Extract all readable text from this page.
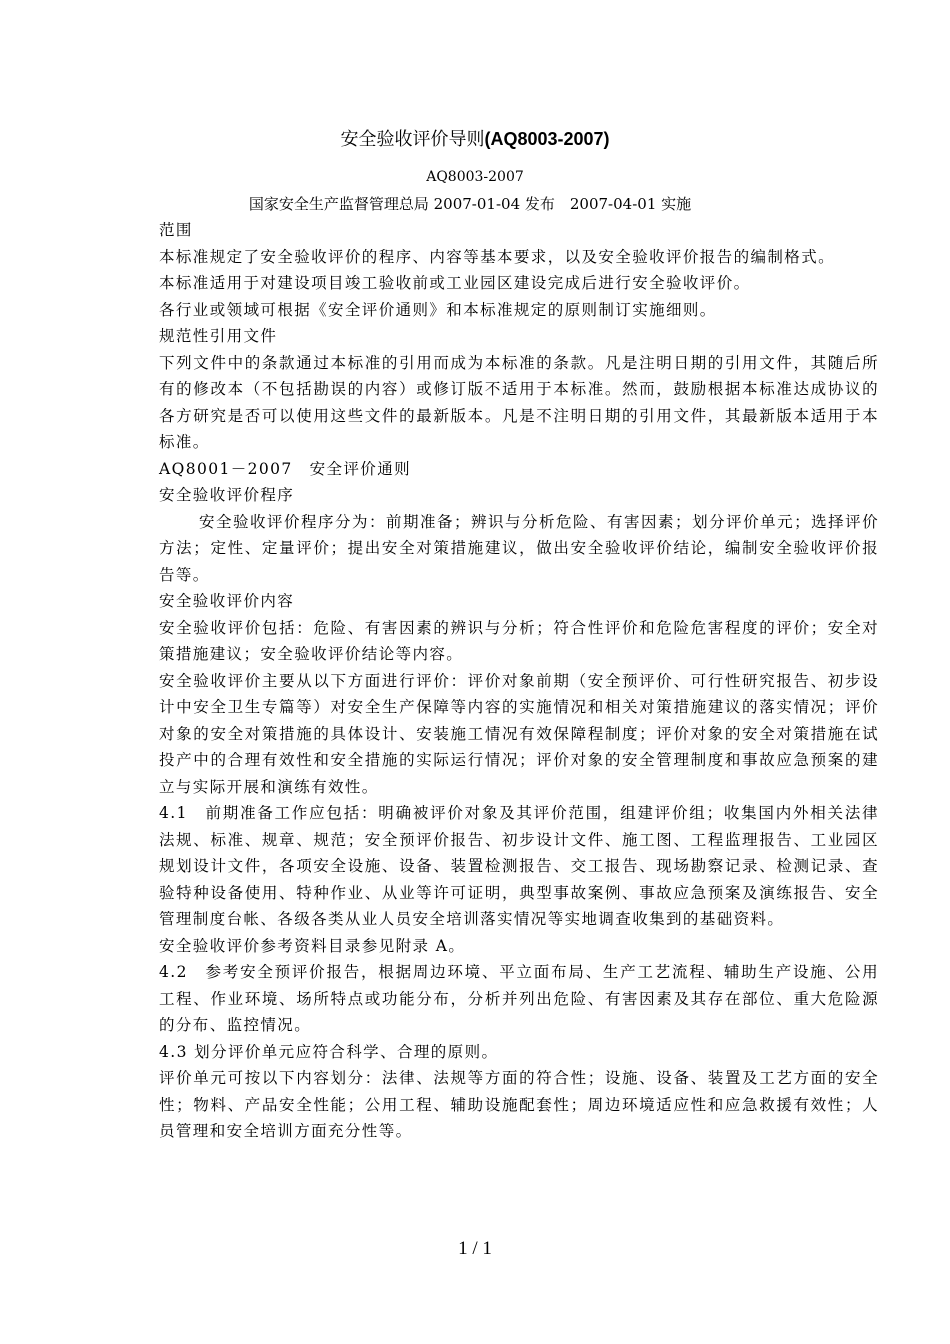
安全验收评价导则(AQ8003-2007)
AQ8003-2007
国家安全生产监督管理总局 2007-01-04 发布　2007-04-01 实施

范围

本标准规定了安全验收评价的程序、内容等基本要求，以及安全验收评价报告的编制格式。

本标准适用于对建设项目竣工验收前或工业园区建设完成后进行安全验收评价。

各行业或领域可根据《安全评价通则》和本标准规定的原则制订实施细则。

规范性引用文件

下列文件中的条款通过本标准的引用而成为本标准的条款。凡是注明日期的引用文件，其随后所有的修改本（不包括勘误的内容）或修订版不适用于本标准。然而，鼓励根据本标准达成协议的各方研究是否可以使用这些文件的最新版本。凡是不注明日期的引用文件，其最新版本适用于本标准。

AQ8001－2007　安全评价通则

安全验收评价程序

安全验收评价程序分为：前期准备；辨识与分析危险、有害因素；划分评价单元；选择评价方法；定性、定量评价；提出安全对策措施建议，做出安全验收评价结论，编制安全验收评价报告等。

安全验收评价内容

安全验收评价包括：危险、有害因素的辨识与分析；符合性评价和危险危害程度的评价；安全对策措施建议；安全验收评价结论等内容。

安全验收评价主要从以下方面进行评价：评价对象前期（安全预评价、可行性研究报告、初步设计中安全卫生专篇等）对安全生产保障等内容的实施情况和相关对策措施建议的落实情况；评价对象的安全对策措施的具体设计、安装施工情况有效保障程制度；评价对象的安全对策措施在试投产中的合理有效性和安全措施的实际运行情况；评价对象的安全管理制度和事故应急预案的建立与实际开展和演练有效性。

4.1　前期准备工作应包括：明确被评价对象及其评价范围，组建评价组；收集国内外相关法律法规、标准、规章、规范；安全预评价报告、初步设计文件、施工图、工程监理报告、工业园区规划设计文件，各项安全设施、设备、装置检测报告、交工报告、现场勘察记录、检测记录、查验特种设备使用、特种作业、从业等许可证明，典型事故案例、事故应急预案及演练报告、安全管理制度台帐、各级各类从业人员安全培训落实情况等实地调查收集到的基础资料。

安全验收评价参考资料目录参见附录 A。

4.2　参考安全预评价报告，根据周边环境、平立面布局、生产工艺流程、辅助生产设施、公用工程、作业环境、场所特点或功能分布，分析并列出危险、有害因素及其存在部位、重大危险源的分布、监控情况。

4.3 划分评价单元应符合科学、合理的原则。

评价单元可按以下内容划分：法律、法规等方面的符合性；设施、设备、装置及工艺方面的安全性；物料、产品安全性能；公用工程、辅助设施配套性；周边环境适应性和应急救援有效性；人员管理和安全培训方面充分性等。

1 / 1
